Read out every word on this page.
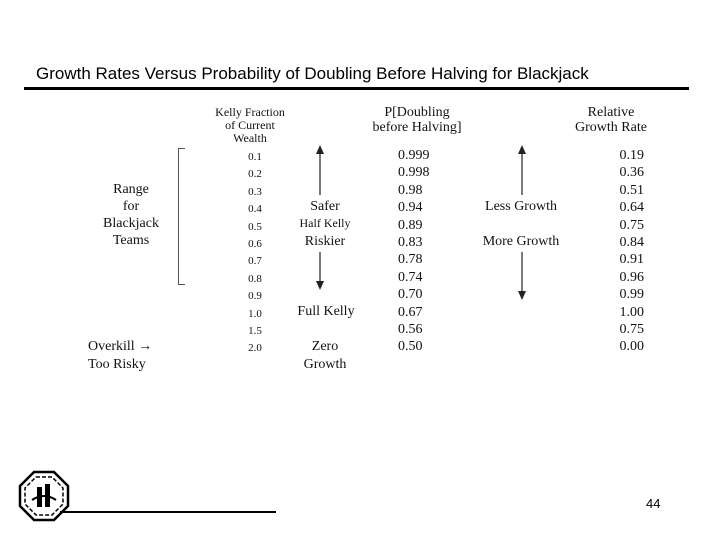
Growth Rates Versus Probability of Doubling Before Halving for Blackjack
Kelly Fraction
of Current
Wealth
P[Doubling
before Halving]
Relative
Growth Rate
0.1
0.2
0.3
0.4
0.5
0.6
0.7
0.8
0.9
1.0
1.5
2.0
0.999
0.998
0.98
0.94
0.89
0.83
0.78
0.74
0.70
0.67
0.56
0.50
0.19
0.36
0.51
0.64
0.75
0.84
0.91
0.96
0.99
1.00
0.75
0.00
Range
for
Blackjack
Teams
Overkill →
Too Risky
Safer
Half Kelly
Riskier
Full Kelly
Zero
Growth
Less Growth
More Growth
44
